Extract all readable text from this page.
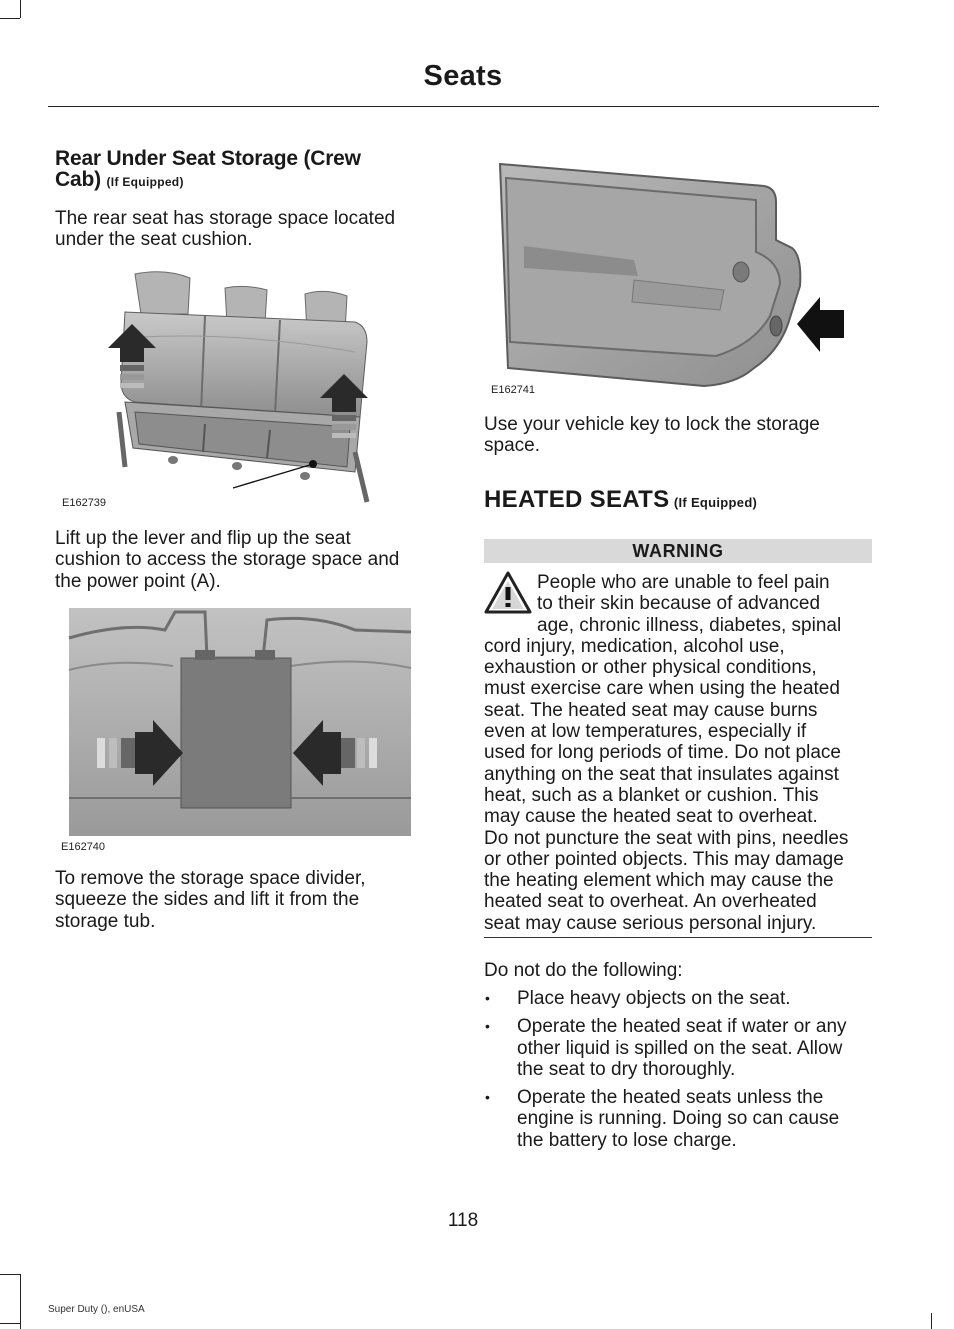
Seats
Rear Under Seat Storage (Crew
Cab) (If Equipped)
The rear seat has storage space located
under the seat cushion.
E162739
Lift up the lever and flip up the seat
cushion to access the storage space and
the power point (A).
E162740
To remove the storage space divider,
squeeze the sides and lift it from the
storage tub.
E162741
Use your vehicle key to lock the storage
space.
HEATED SEATS (If Equipped)
WARNING
People who are unable to feel pain
to their skin because of advanced
age, chronic illness, diabetes, spinal
cord injury, medication, alcohol use,
exhaustion or other physical conditions,
must exercise care when using the heated
seat. The heated seat may cause burns
even at low temperatures, especially if
used for long periods of time. Do not place
anything on the seat that insulates against
heat, such as a blanket or cushion. This
may cause the heated seat to overheat.
Do not puncture the seat with pins, needles
or other pointed objects. This may damage
the heating element which may cause the
heated seat to overheat. An overheated
seat may cause serious personal injury.
Do not do the following:
• Place heavy objects on the seat.
• Operate the heated seat if water or any
other liquid is spilled on the seat. Allow
the seat to dry thoroughly.
• Operate the heated seats unless the
engine is running. Doing so can cause
the battery to lose charge.
118
Super Duty (), enUSA
